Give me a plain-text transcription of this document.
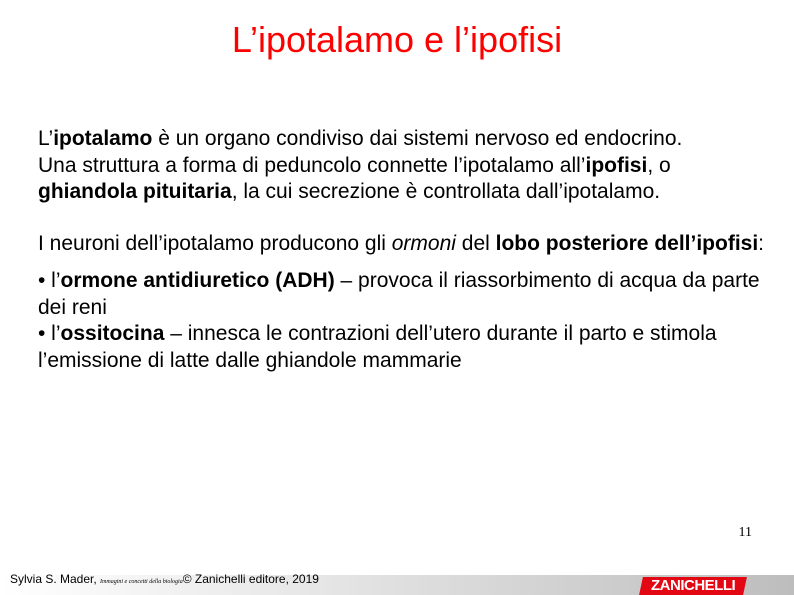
L’ipotalamo e l’ipofisi

L’ipotalamo è un organo condiviso dai sistemi nervoso ed endocrino.

Una struttura a forma di peduncolo connette l’ipotalamo all’ipofisi, o ghiandola pituitaria, la cui secrezione è controllata dall’ipotalamo.

I neuroni dell’ipotalamo producono gli ormoni del lobo posteriore dell’ipofisi:

• l’ormone antidiuretico (ADH) – provoca il riassorbimento di acqua da parte dei reni

• l’ossitocina – innesca le contrazioni dell’utero durante il parto e stimola l’emissione di latte dalle ghiandole mammarie

11
Sylvia S. Mader, Immagini e concetti della biologia© Zanichelli editore, 2019	ZANICHELLI
